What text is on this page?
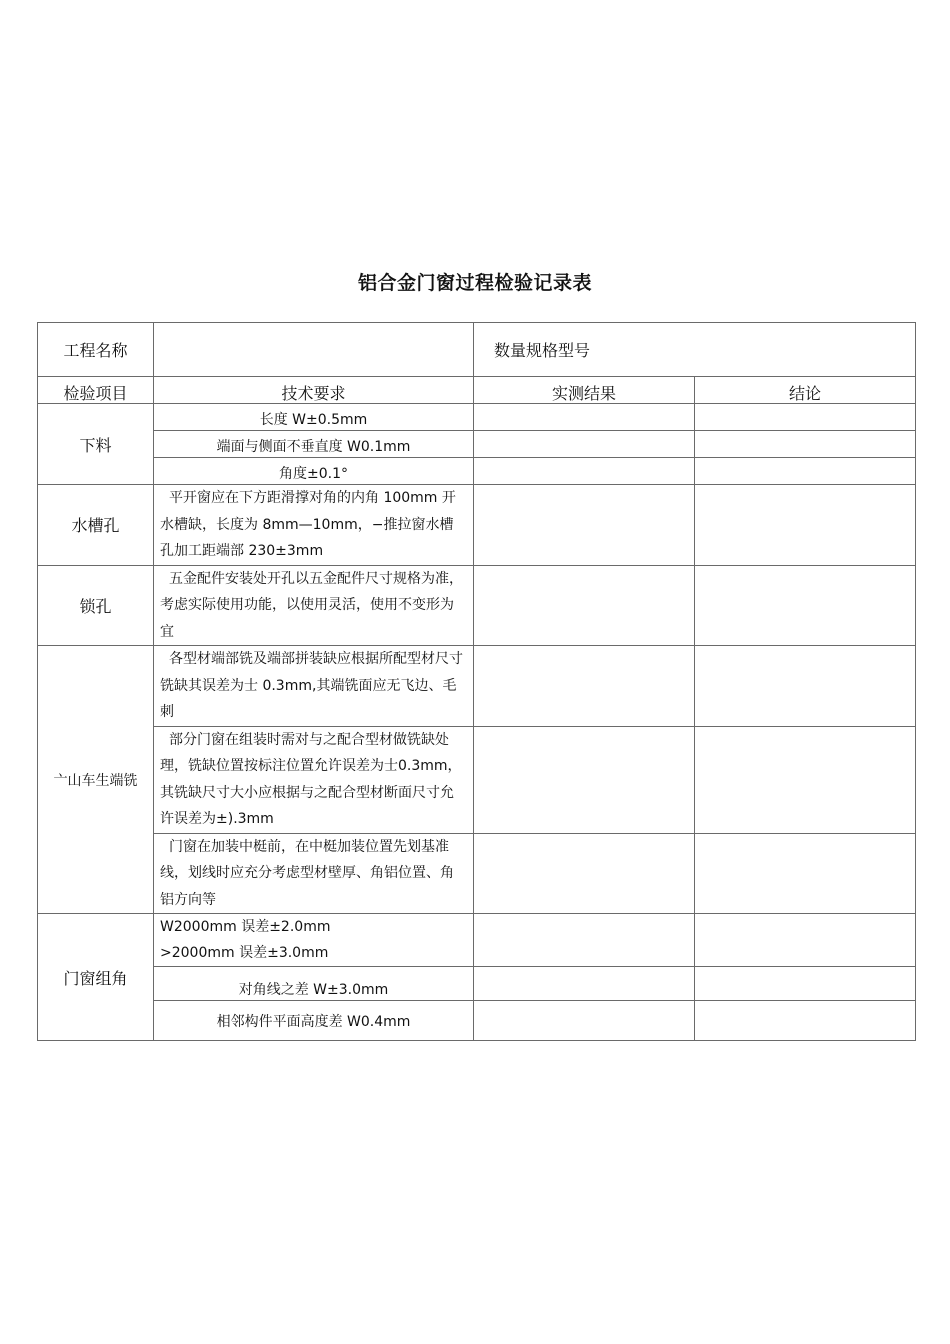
铝合金门窗过程检验记录表
工程名称		数量规格型号	
检验项目	技术要求	实测结果	结论
下料	长度 W±0.5mm		
	端面与侧面不垂直度 W0.1mm		
	角度±0.1°		
水槽孔	平开窗应在下方距滑撑对角的内角 100mm 开水槽缺，长度为 8mm—10mm，−推拉窗水槽孔加工距端部 230±3mm		
锁孔	五金配件安装处开孔以五金配件尺寸规格为准，考虑实际使用功能，以使用灵活，使用不变形为宜		
亠山车生端铣	各型材端部铣及端部拼装缺应根据所配型材尺寸铣缺其误差为士 0.3mm,其端铣面应无飞边、毛刺		
	部分门窗在组装时需对与之配合型材做铣缺处理，铣缺位置按标注位置允许误差为士0.3mm，其铣缺尺寸大小应根据与之配合型材断面尺寸允许误差为±).3mm		
	门窗在加装中梃前，在中梃加装位置先划基准线，划线时应充分考虑型材壁厚、角铝位置、角铝方向等		
门窗组角	W2000mm 误差±2.0mm
>2000mm 误差±3.0mm		

	对角线之差 W±3.0mm		
	相邻构件平面高度差 W0.4mm		
